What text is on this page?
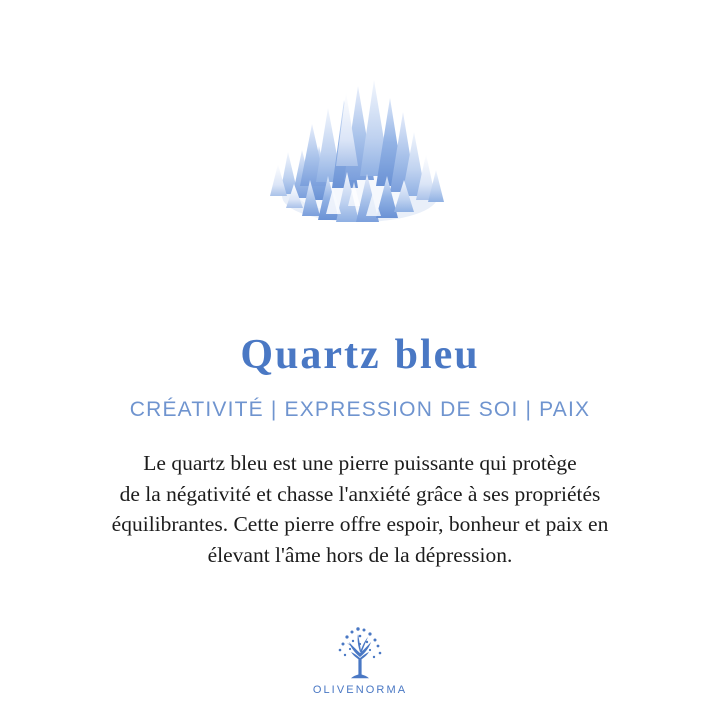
Quartz bleu
CRÉATIVITÉ | EXPRESSION DE SOI | PAIX
Le quartz bleu est une pierre puissante qui protège
de la négativité et chasse l'anxiété grâce à ses propriétés
équilibrantes. Cette pierre offre espoir, bonheur et paix en
élevant l'âme hors de la dépression.
OLIVENORMA
